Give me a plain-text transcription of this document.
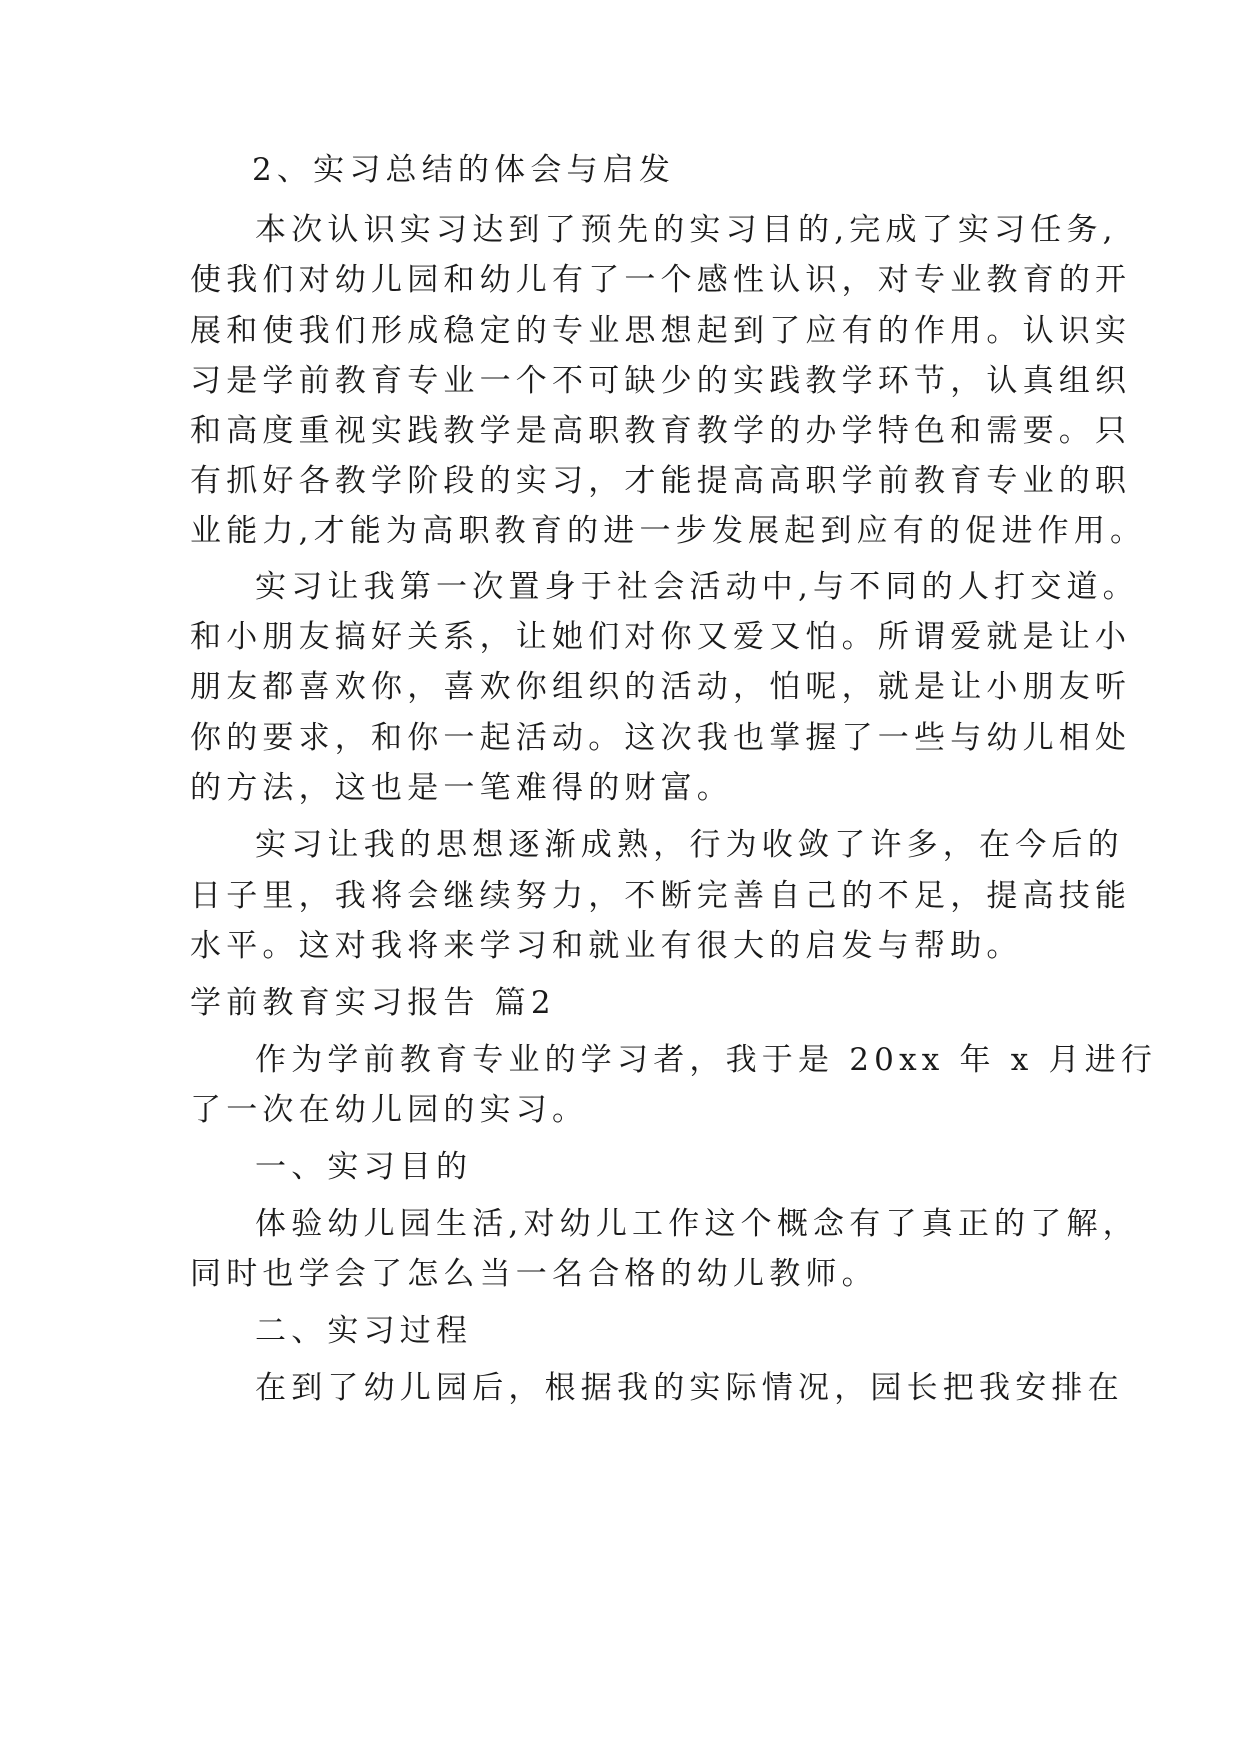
2、实习总结的体会与启发
本次认识实习达到了预先的实习目的,完成了实习任务,
使我们对幼儿园和幼儿有了一个感性认识，对专业教育的开
展和使我们形成稳定的专业思想起到了应有的作用。认识实
习是学前教育专业一个不可缺少的实践教学环节，认真组织
和高度重视实践教学是高职教育教学的办学特色和需要。只
有抓好各教学阶段的实习，才能提高高职学前教育专业的职
业能力,才能为高职教育的进一步发展起到应有的促进作用。
实习让我第一次置身于社会活动中,与不同的人打交道。
和小朋友搞好关系，让她们对你又爱又怕。所谓爱就是让小
朋友都喜欢你，喜欢你组织的活动，怕呢，就是让小朋友听
你的要求，和你一起活动。这次我也掌握了一些与幼儿相处
的方法，这也是一笔难得的财富。
实习让我的思想逐渐成熟，行为收敛了许多，在今后的
日子里，我将会继续努力，不断完善自己的不足，提高技能
水平。这对我将来学习和就业有很大的启发与帮助。
学前教育实习报告 篇2
作为学前教育专业的学习者，我于是 20xx 年 x 月进行
了一次在幼儿园的实习。
一、实习目的
体验幼儿园生活,对幼儿工作这个概念有了真正的了解，
同时也学会了怎么当一名合格的幼儿教师。
二、实习过程
在到了幼儿园后，根据我的实际情况，园长把我安排在
